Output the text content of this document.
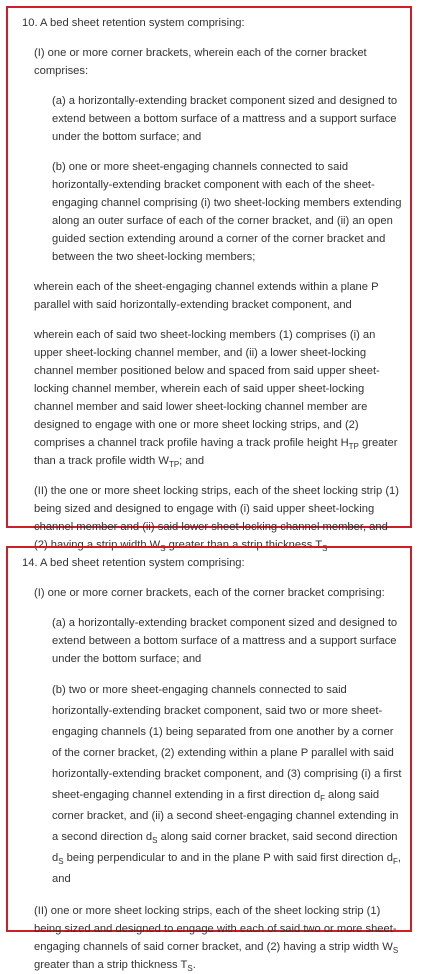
10. A bed sheet retention system comprising:

(I) one or more corner brackets, wherein each of the corner bracket comprises:

(a) a horizontally-extending bracket component sized and designed to extend between a bottom surface of a mattress and a support surface under the bottom surface; and

(b) one or more sheet-engaging channels connected to said horizontally-extending bracket component with each of the sheet-engaging channel comprising (i) two sheet-locking members extending along an outer surface of each of the corner bracket, and (ii) an open guided section extending around a corner of the corner bracket and between the two sheet-locking members;

wherein each of the sheet-engaging channel extends within a plane P parallel with said horizontally-extending bracket component, and

wherein each of said two sheet-locking members (1) comprises (i) an upper sheet-locking channel member, and (ii) a lower sheet-locking channel member positioned below and spaced from said upper sheet-locking channel member, wherein each of said upper sheet-locking channel member and said lower sheet-locking channel member are designed to engage with one or more sheet locking strips, and (2) comprises a channel track profile having a track profile height $H_{TP}$ greater than a track profile width $W_{TP}$; and

(II) the one or more sheet locking strips, each of the sheet locking strip (1) being sized and designed to engage with (i) said upper sheet-locking channel member and (ii) said lower sheet-locking channel member, and (2) having a strip width $W_S$ greater than a strip thickness $T_S$.

14. A bed sheet retention system comprising:

(I) one or more corner brackets, each of the corner bracket comprising:

(a) a horizontally-extending bracket component sized and designed to extend between a bottom surface of a mattress and a support surface under the bottom surface; and

(b) two or more sheet-engaging channels connected to said horizontally-extending bracket component, said two or more sheet-engaging channels (1) being separated from one another by a corner of the corner bracket, (2) extending within a plane P parallel with said horizontally-extending bracket component, and (3) comprising (i) a first sheet-engaging channel extending in a first direction $d_F$ along said corner bracket, and (ii) a second sheet-engaging channel extending in a second direction $d_S$ along said corner bracket, said second direction $d_S$ being perpendicular to and in the plane P with said first direction $d_F$, and

(II) one or more sheet locking strips, each of the sheet locking strip (1) being sized and designed to engage with each of said two or more sheet-engaging channels of said corner bracket, and (2) having a strip width $W_S$ greater than a strip thickness $T_S$.
